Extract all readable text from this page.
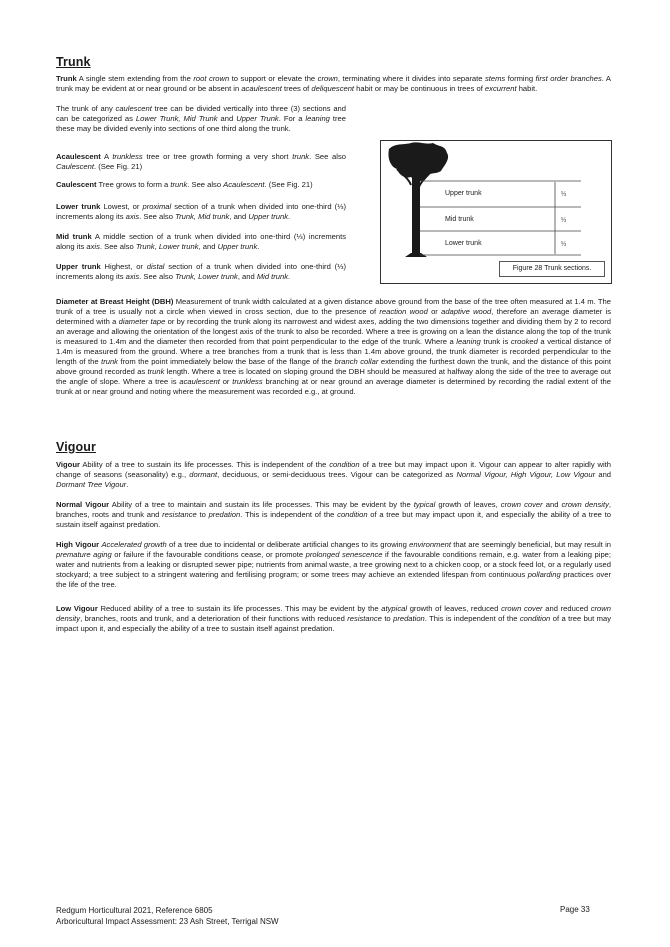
Trunk

Trunk A single stem extending from the root crown to support or elevate the crown, terminating where it divides into separate stems forming first order branches. A trunk may be evident at or near ground or be absent in acaulescent trees of deliquescent habit or may be continuous in trees of excurrent habit.

The trunk of any caulescent tree can be divided vertically into three (3) sections and can be categorized as Lower Trunk, Mid Trunk and Upper Trunk. For a leaning tree these may be divided evenly into sections of one third along the trunk.

Acaulescent A trunkless tree or tree growth forming a very short trunk. See also Caulescent. (See Fig. 21)

Caulescent Tree grows to form a trunk. See also Acaulescent. (See Fig. 21)

Lower trunk Lowest, or proximal section of a trunk when divided into one-third (⅓) increments along its axis. See also Trunk, Mid trunk, and Upper trunk.

Mid trunk A middle section of a trunk when divided into one-third (⅓) increments along its axis. See also Trunk, Lower trunk, and Upper trunk.

Upper trunk Highest, or distal section of a trunk when divided into one-third (⅓) increments along its axis. See also Trunk, Lower trunk, and Mid trunk.

Upper trunk
Mid trunk
Lower trunk
⅓
⅓
⅓
Figure 28 Trunk sections.

Diameter at Breast Height (DBH) Measurement of trunk width calculated at a given distance above ground from the base of the tree often measured at 1.4 m. The trunk of a tree is usually not a circle when viewed in cross section, due to the presence of reaction wood or adaptive wood, therefore an average diameter is determined with a diameter tape or by recording the trunk along its narrowest and widest axes, adding the two dimensions together and dividing them by 2 to record an average and allowing the orientation of the longest axis of the trunk to also be recorded. Where a tree is growing on a lean the distance along the top of the trunk is measured to 1.4m and the diameter then recorded from that point perpendicular to the edge of the trunk. Where a leaning trunk is crooked a vertical distance of 1.4m is measured from the ground. Where a tree branches from a trunk that is less than 1.4m above ground, the trunk diameter is recorded perpendicular to the length of the trunk from the point immediately below the base of the flange of the branch collar extending the furthest down the trunk, and the distance of this point above ground recorded as trunk length. Where a tree is located on sloping ground the DBH should be measured at halfway along the side of the tree to average out the angle of slope. Where a tree is acaulescent or trunkless branching at or near ground an average diameter is determined by recording the radial extent of the trunk at or near ground and noting where the measurement was recorded e.g., at ground.

Vigour

Vigour Ability of a tree to sustain its life processes. This is independent of the condition of a tree but may impact upon it. Vigour can appear to alter rapidly with change of seasons (seasonality) e.g., dormant, deciduous, or semi-deciduous trees. Vigour can be categorized as Normal Vigour, High Vigour, Low Vigour and Dormant Tree Vigour.

Normal Vigour Ability of a tree to maintain and sustain its life processes. This may be evident by the typical growth of leaves, crown cover and crown density, branches, roots and trunk and resistance to predation. This is independent of the condition of a tree but may impact upon it, and especially the ability of a tree to sustain itself against predation.

High Vigour Accelerated growth of a tree due to incidental or deliberate artificial changes to its growing environment that are seemingly beneficial, but may result in premature aging or failure if the favourable conditions cease, or promote prolonged senescence if the favourable conditions remain, e.g. water from a leaking pipe; water and nutrients from a leaking or disrupted sewer pipe; nutrients from animal waste, a tree growing next to a chicken coop, or a stock feed lot, or a regularly used stockyard; a tree subject to a stringent watering and fertilising program; or some trees may achieve an extended lifespan from continuous pollarding practices over the life of the tree.

Low Vigour Reduced ability of a tree to sustain its life processes. This may be evident by the atypical growth of leaves, reduced crown cover and reduced crown density, branches, roots and trunk, and a deterioration of their functions with reduced resistance to predation. This is independent of the condition of a tree but may impact upon it, and especially the ability of a tree to sustain itself against predation.

Redgum Horticultural 2021, Reference 6805
Arboricultural Impact Assessment: 23 Ash Street, Terrigal NSW
Page 33
